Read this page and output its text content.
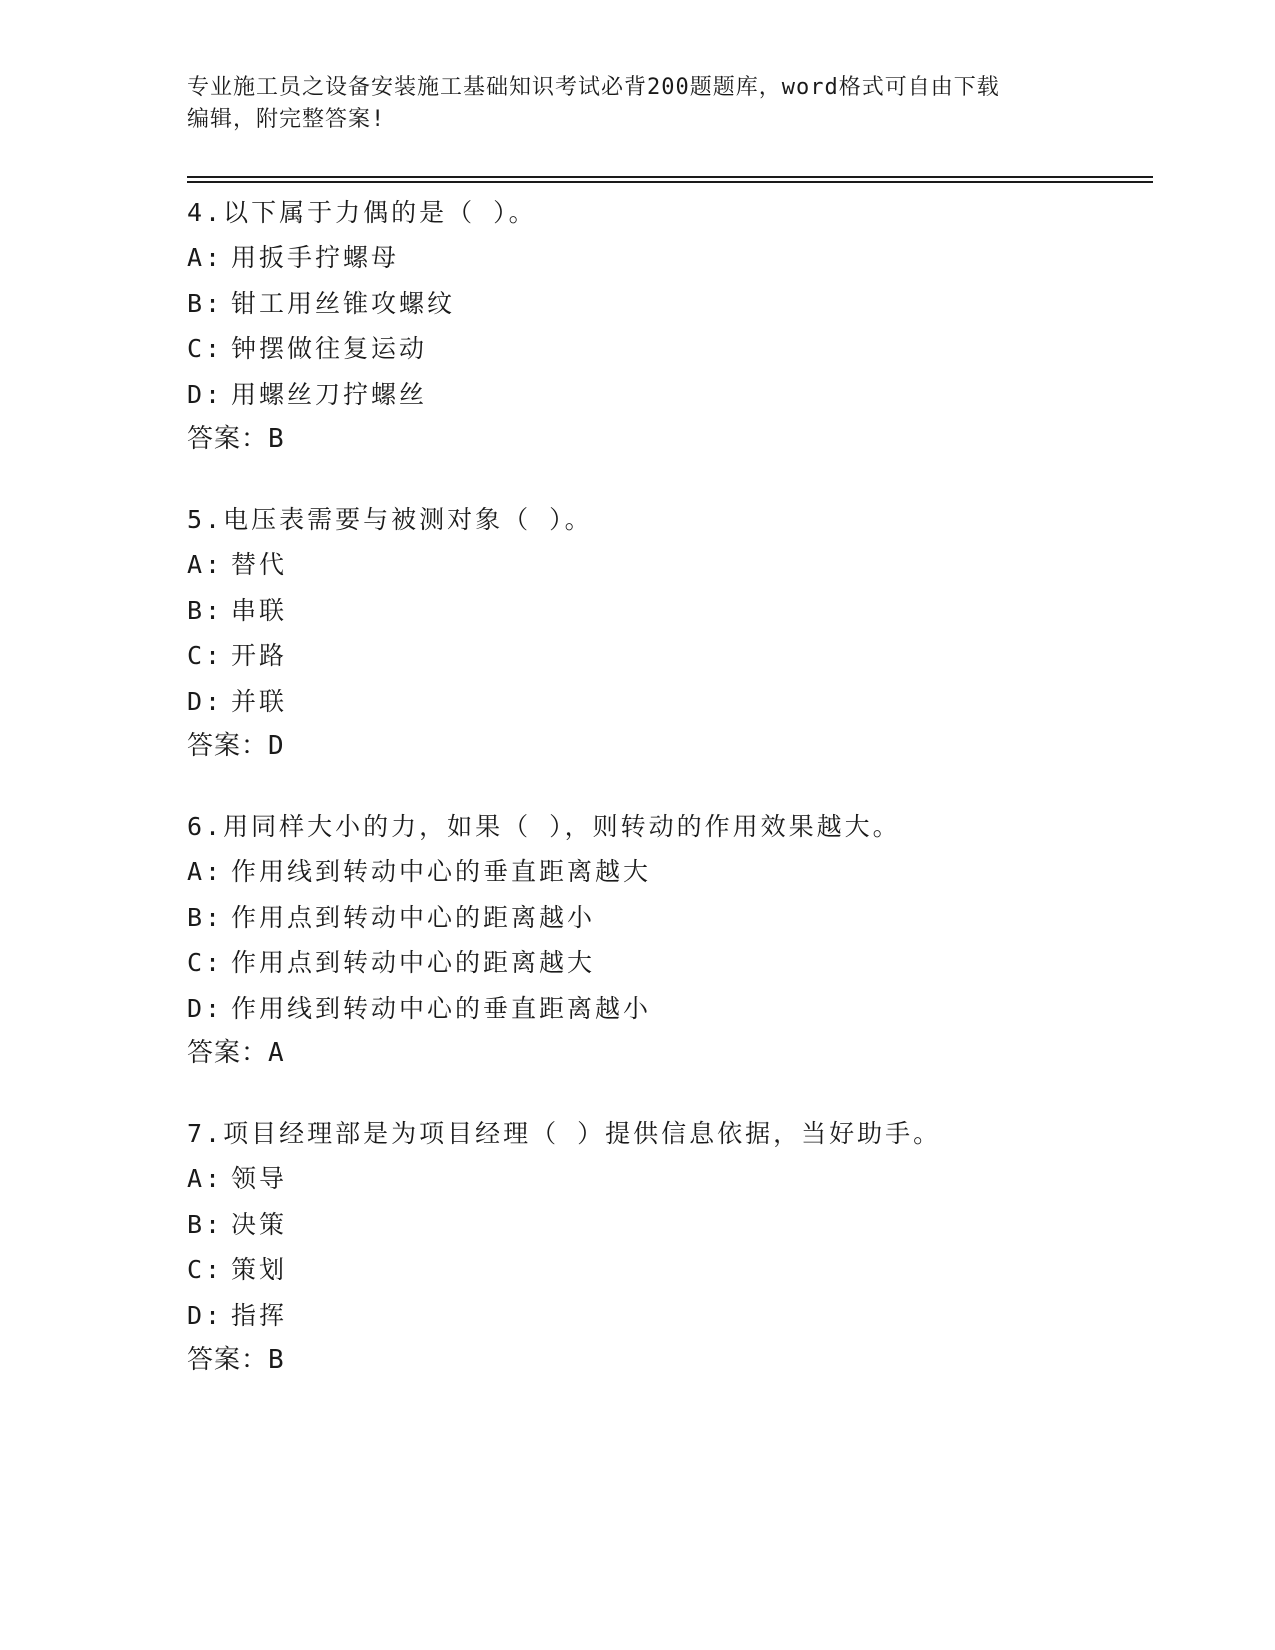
专业施工员之设备安装施工基础知识考试必背200题题库，word格式可自由下载
编辑，附完整答案!
4.以下属于力偶的是（ ）。
A: 用扳手拧螺母
B: 钳工用丝锥攻螺纹
C: 钟摆做往复运动
D: 用螺丝刀拧螺丝
答案：B
5.电压表需要与被测对象（ ）。
A: 替代
B: 串联
C: 开路
D: 并联
答案：D
6.用同样大小的力，如果（ ），则转动的作用效果越大。
A: 作用线到转动中心的垂直距离越大
B: 作用点到转动中心的距离越小
C: 作用点到转动中心的距离越大
D: 作用线到转动中心的垂直距离越小
答案：A
7.项目经理部是为项目经理（ ）提供信息依据，当好助手。
A: 领导
B: 决策
C: 策划
D: 指挥
答案：B
